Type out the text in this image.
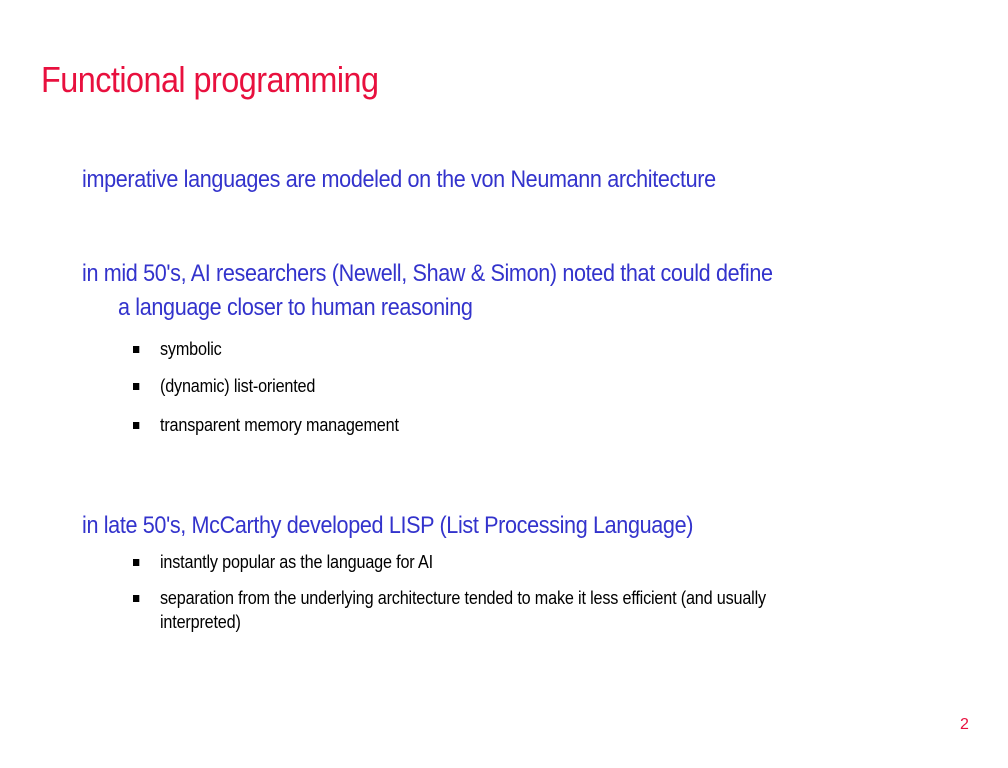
Functional programming

imperative languages are modeled on the von Neumann architecture

in mid 50's, AI researchers (Newell, Shaw & Simon) noted that could define
a language closer to human reasoning

symbolic
(dynamic) list-oriented
transparent memory management

in late 50's, McCarthy developed LISP (List Processing Language)

instantly popular as the language for AI
separation from the underlying architecture tended to make it less efficient (and usually
interpreted)
2
